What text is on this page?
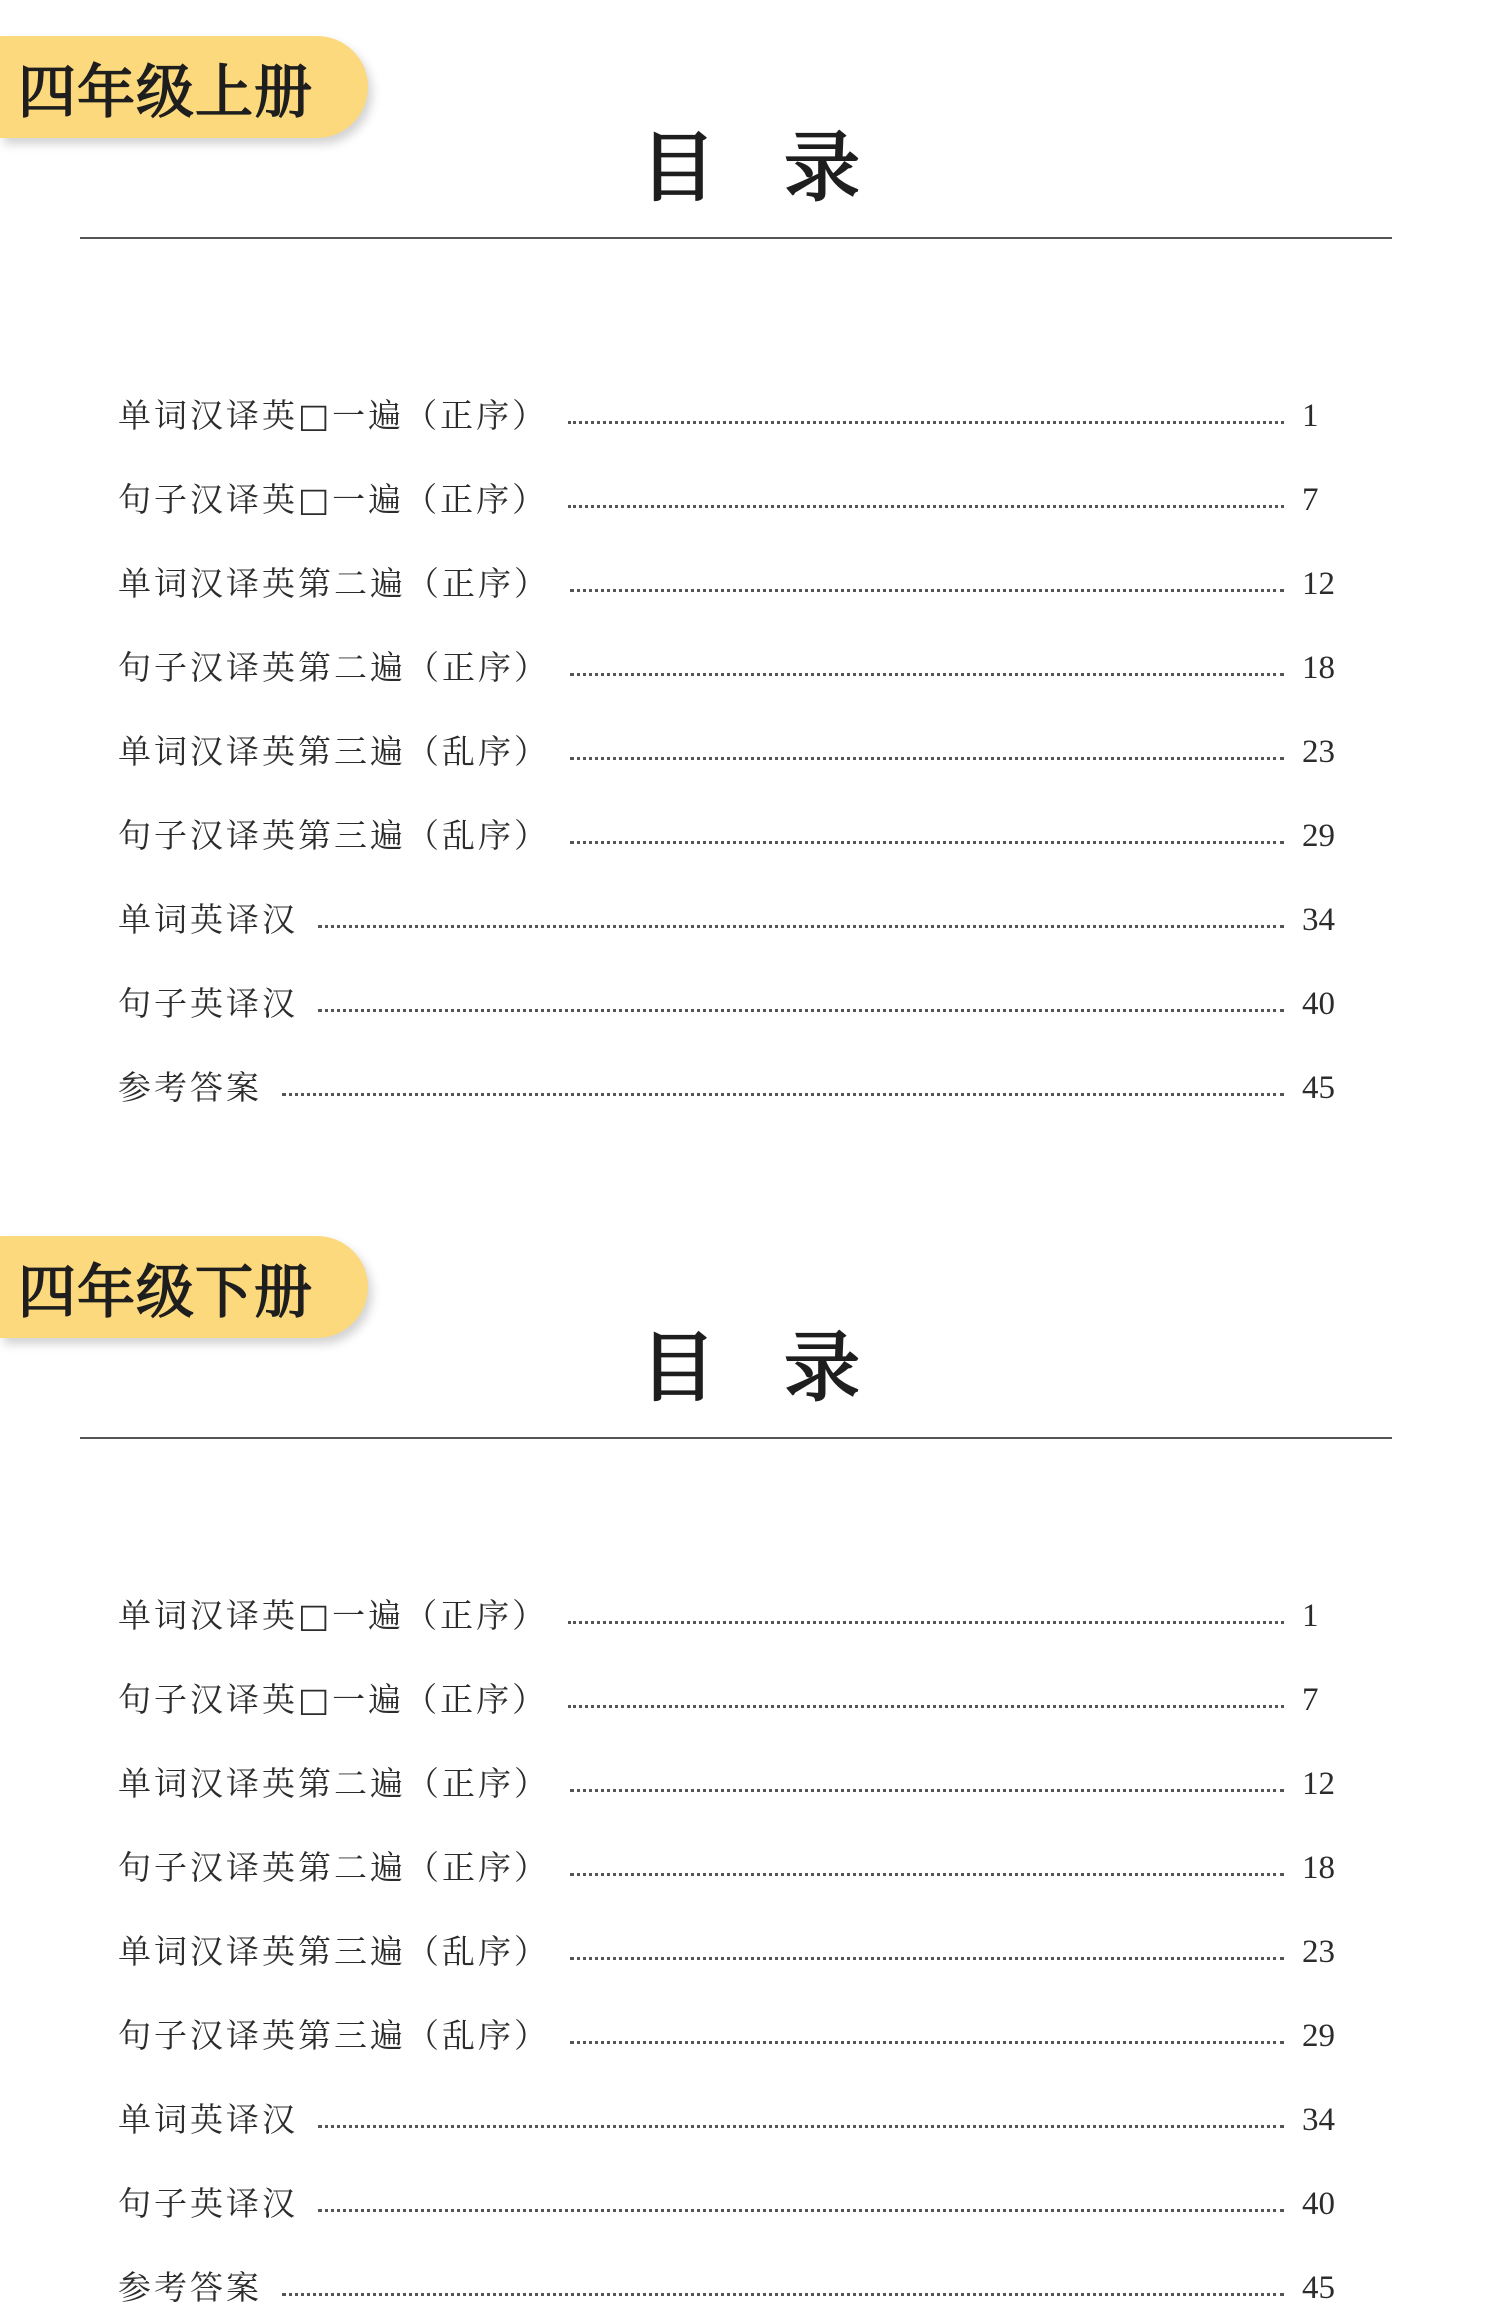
四年级上册
目录
单词汉译英□一遍（正序）	1
句子汉译英□一遍（正序）	7
单词汉译英第二遍（正序）	12
句子汉译英第二遍（正序）	18
单词汉译英第三遍（乱序）	23
句子汉译英第三遍（乱序）	29
单词英译汉	34
句子英译汉	40
参考答案	45
四年级下册
目录
单词汉译英□一遍（正序）	1
句子汉译英□一遍（正序）	7
单词汉译英第二遍（正序）	12
句子汉译英第二遍（正序）	18
单词汉译英第三遍（乱序）	23
句子汉译英第三遍（乱序）	29
单词英译汉	34
句子英译汉	40
参考答案	45
